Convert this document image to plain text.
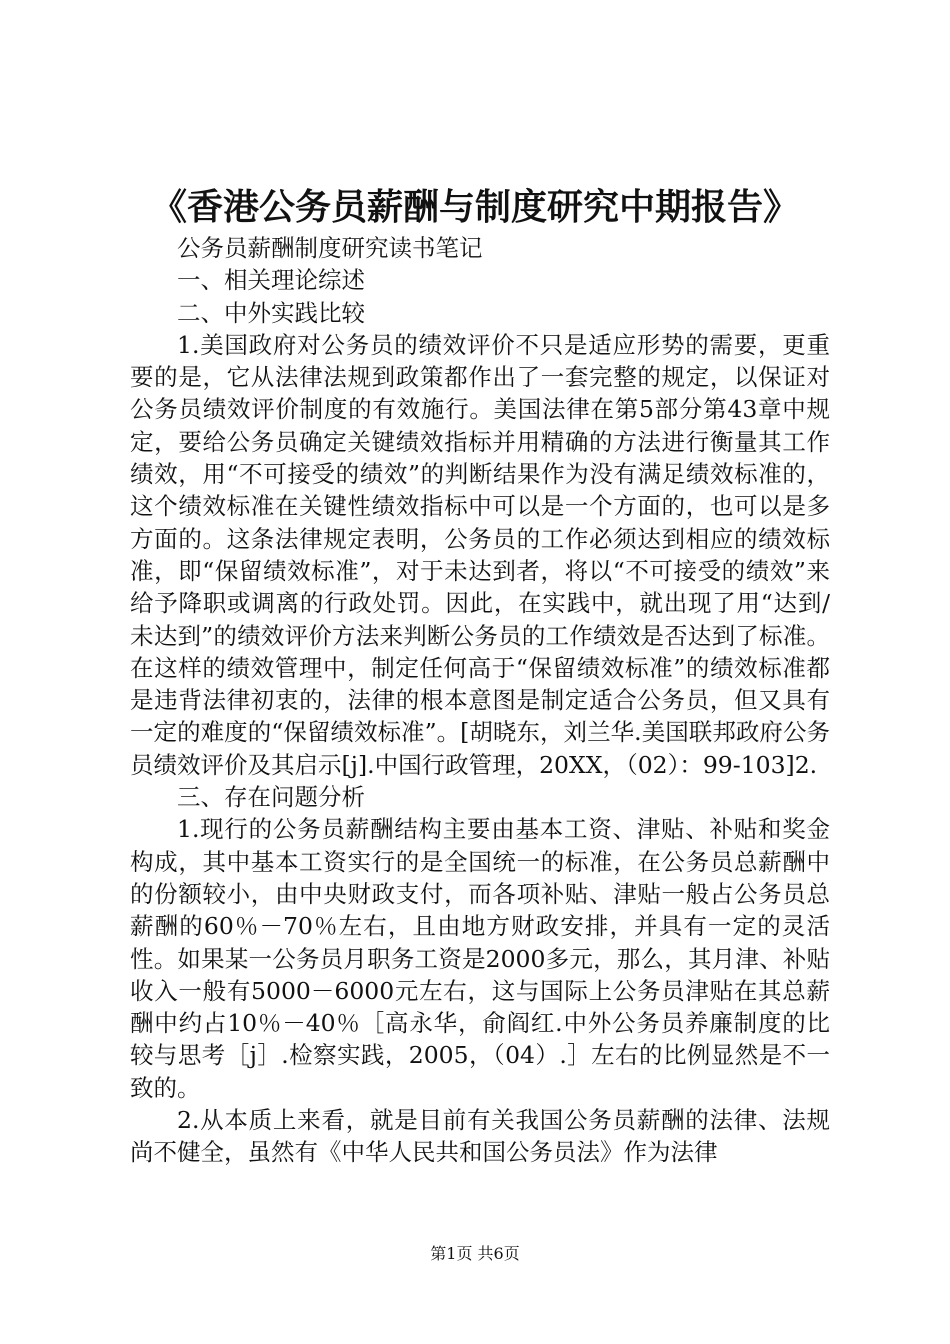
《香港公务员薪酬与制度研究中期报告》

公务员薪酬制度研究读书笔记

一、相关理论综述

二、中外实践比较

1.美国政府对公务员的绩效评价不只是适应形势的需要，更重要的是，它从法律法规到政策都作出了一套完整的规定，以保证对公务员绩效评价制度的有效施行。美国法律在第5部分第43章中规定，要给公务员确定关键绩效指标并用精确的方法进行衡量其工作绩效，用“不可接受的绩效”的判断结果作为没有满足绩效标准的，这个绩效标准在关键性绩效指标中可以是一个方面的，也可以是多方面的。这条法律规定表明，公务员的工作必须达到相应的绩效标准，即“保留绩效标准”，对于未达到者，将以“不可接受的绩效”来给予降职或调离的行政处罚。因此，在实践中，就出现了用“达到/未达到”的绩效评价方法来判断公务员的工作绩效是否达到了标准。在这样的绩效管理中，制定任何高于“保留绩效标准”的绩效标准都是违背法律初衷的，法律的根本意图是制定适合公务员，但又具有一定的难度的“保留绩效标准”。[胡晓东，刘兰华.美国联邦政府公务员绩效评价及其启示[j].中国行政管理，20XX，（02）：99-103]2.

三、存在问题分析

1.现行的公务员薪酬结构主要由基本工资、津贴、补贴和奖金构成，其中基本工资实行的是全国统一的标准，在公务员总薪酬中的份额较小，由中央财政支付，而各项补贴、津贴一般占公务员总薪酬的60％－70％左右，且由地方财政安排，并具有一定的灵活性。如果某一公务员月职务工资是2000多元，那么，其月津、补贴收入一般有5000－6000元左右，这与国际上公务员津贴在其总薪酬中约占10％－40％［高永华，俞阎红.中外公务员养廉制度的比较与思考［j］.检察实践，2005，（04）.］左右的比例显然是不一致的。

2.从本质上来看，就是目前有关我国公务员薪酬的法律、法规尚不健全，虽然有《中华人民共和国公务员法》作为法律

第1页 共6页
